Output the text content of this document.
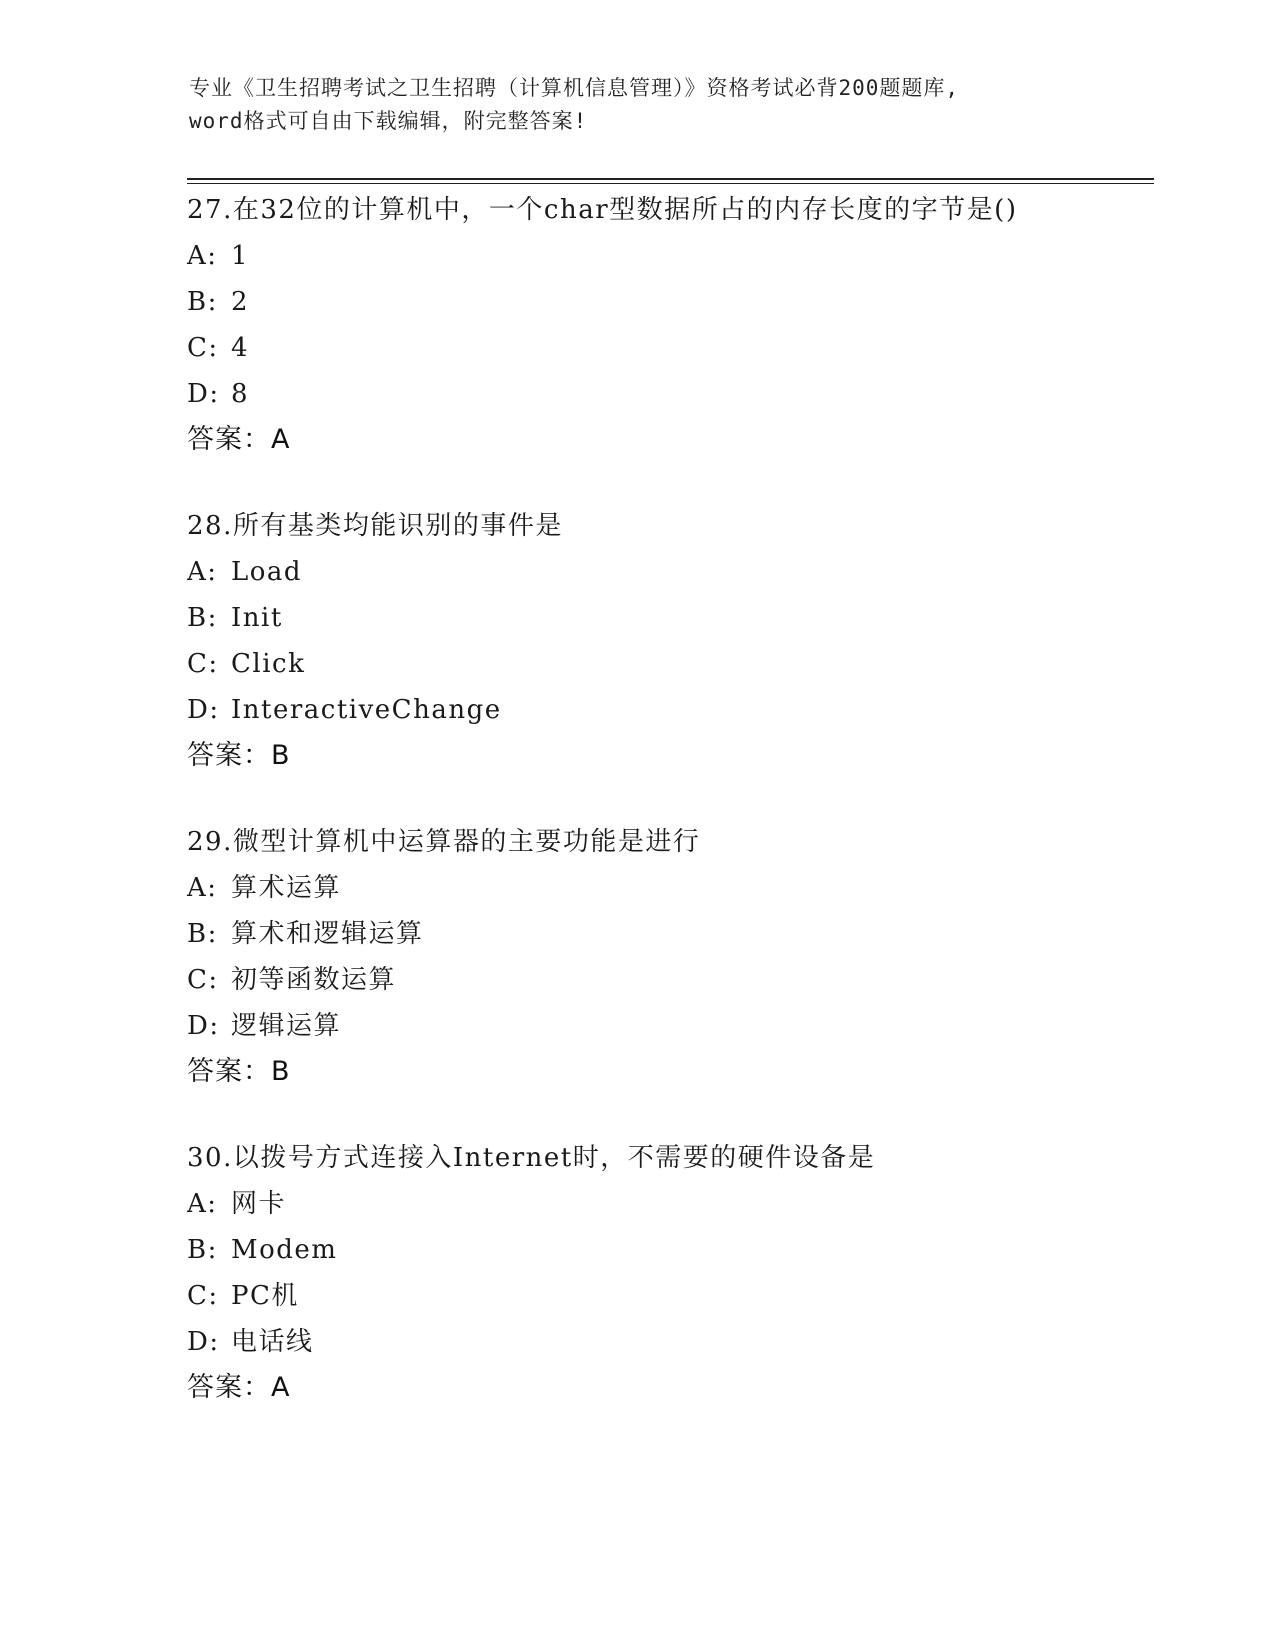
专业《卫生招聘考试之卫生招聘（计算机信息管理）》资格考试必背200题题库,
word格式可自由下载编辑，附完整答案!
27.在32位的计算机中，一个char型数据所占的内存长度的字节是()
A: 1
B: 2
C: 4
D: 8
答案：A
28.所有基类均能识别的事件是
A: Load
B: Init
C: Click
D: InteractiveChange
答案：B
29.微型计算机中运算器的主要功能是进行
A: 算术运算
B: 算术和逻辑运算
C: 初等函数运算
D: 逻辑运算
答案：B
30.以拨号方式连接入Internet时，不需要的硬件设备是
A: 网卡
B: Modem
C: PC机
D: 电话线
答案：A
